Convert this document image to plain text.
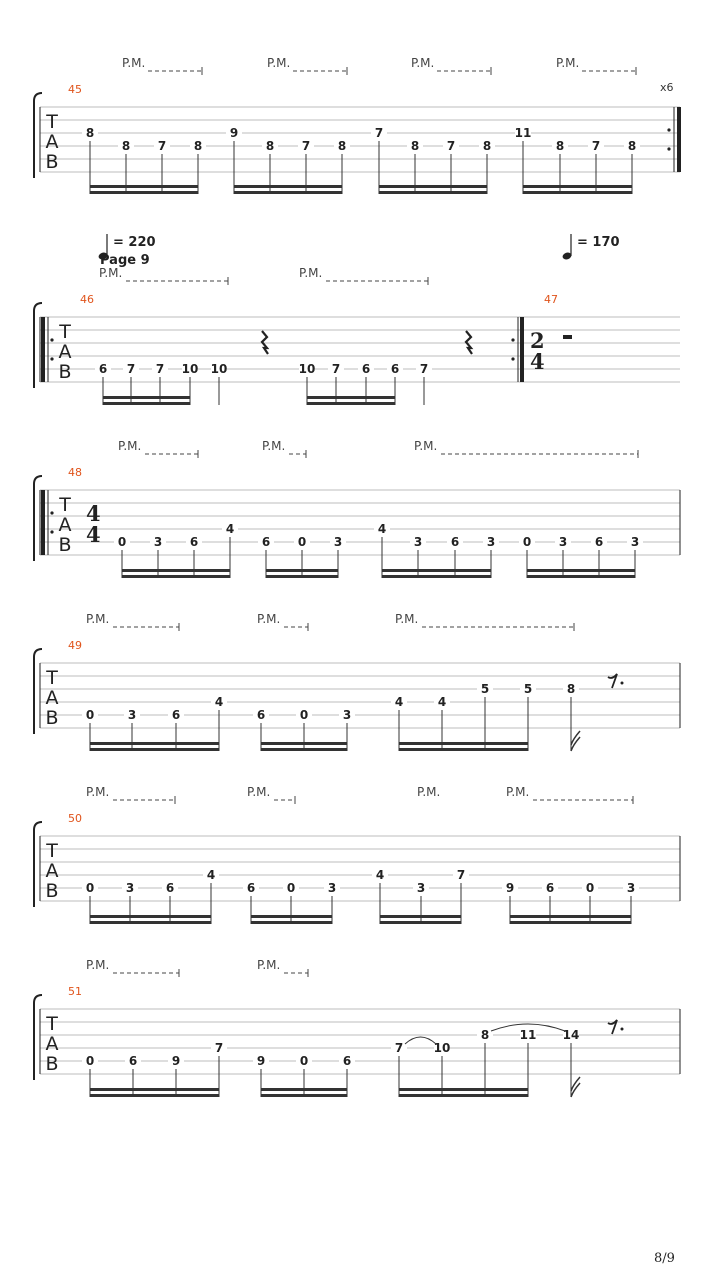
8
8 7 8
9
8 7 8
7
8 7 8
11
8 7 8
6 7 7 10 10	10 7 6 6 7
0 3 6
4
6 0 3
4
3 6 3 0 3 6 3
0	3	6
4
6	0	3
4	4
5	5	8
0	3	6
4
6	0	3
4
3
7
9	6	0	3
0	6	9
7
9	0	6
7	10
8	11 14
T
A
B
45
P.M.	P.M.	P.M.	P.M.
T
A
B
46	47
P.M.	P.M.
T
A
B
48
P.M.	P.M.	P.M.
T
A
B
49
P.M.	P.M.	P.M.
T
A
B
50
P.M.	P.M.	P.M.	P.M.
T
A
B
51
P.M.	P.M.
= 220
Page 9
= 170
x6
2
4
4
4
8/9
